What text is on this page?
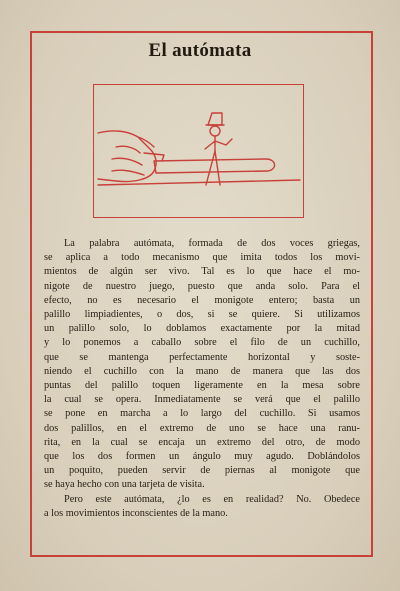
El autómata
La palabra autómata, formada de dos voces griegas,
se aplica a todo mecanismo que imita todos los movi-
mientos de algún ser vivo. Tal es lo que hace el mo-
nigote de nuestro juego, puesto que anda solo. Para el
efecto, no es necesario el monigote entero; basta un
palillo limpiadientes, o dos, si se quiere. Si utilizamos
un palillo solo, lo doblamos exactamente por la mitad
y lo ponemos a caballo sobre el filo de un cuchillo,
que se mantenga perfectamente horizontal y soste-
niendo el cuchillo con la mano de manera que las dos
puntas del palillo toquen ligeramente en la mesa sobre
la cual se opera. Inmediatamente se verá que el palillo
se pone en marcha a lo largo del cuchillo. Si usamos
dos palillos, en el extremo de uno se hace una ranu-
rita, en la cual se encaja un extremo del otro, de modo
que los dos formen un ángulo muy agudo. Doblándolos
un poquito, pueden servir de piernas al monigote que
se haya hecho con una tarjeta de visita.
Pero este autómata, ¿lo es en realidad? No. Obedece
a los movimientos inconscientes de la mano.
